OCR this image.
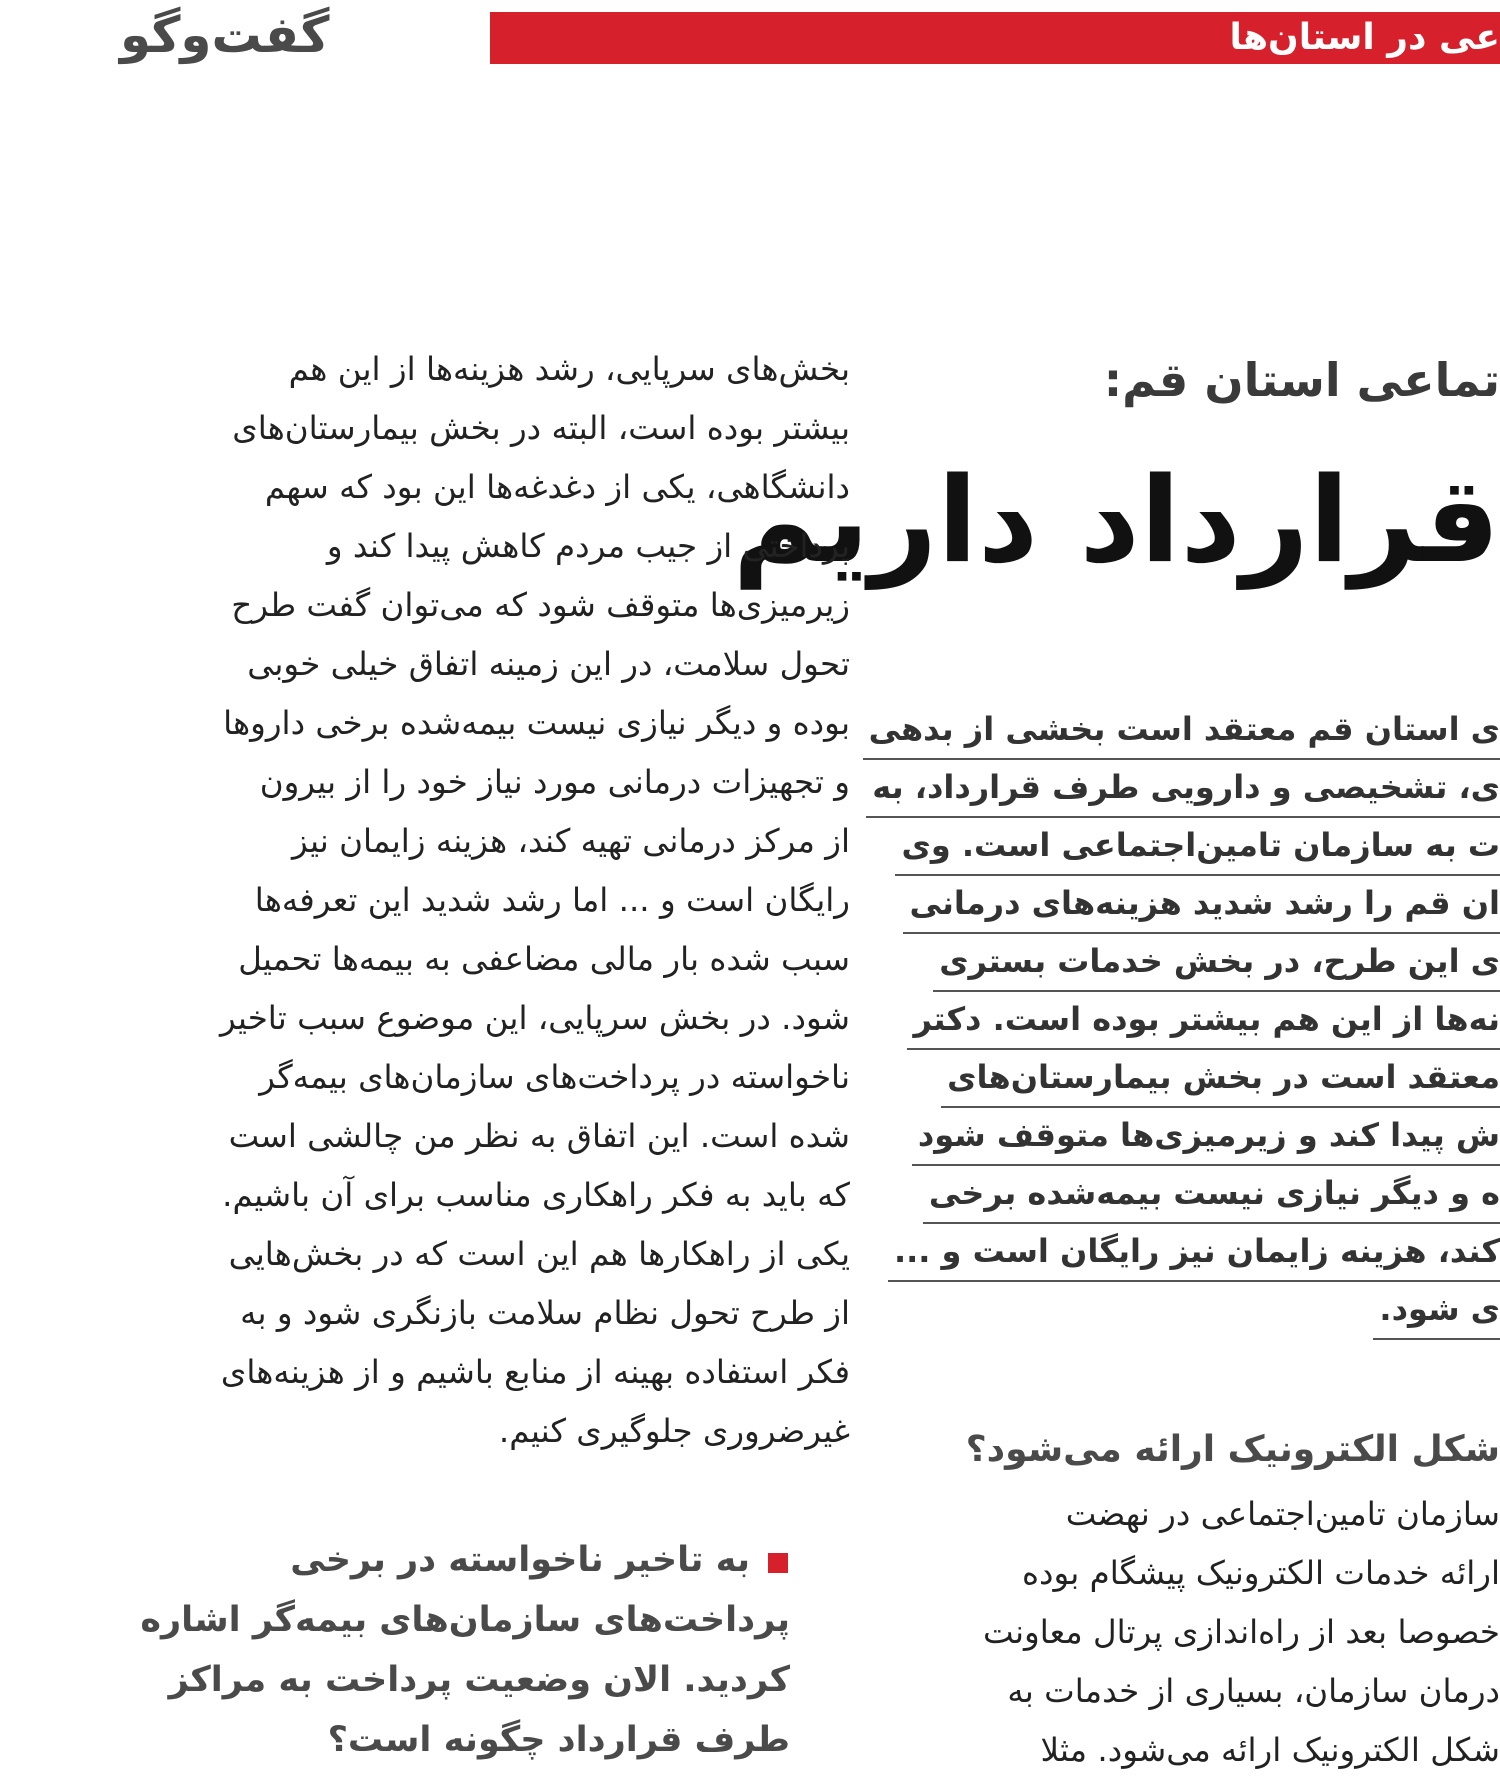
گفت‌وگو	عی در استان‌ها
تماعی استان قم:
قرارداد داریم
ی استان قم معتقد است بخشی از بدهی
ی، تشخیصی و دارویی طرف قرارداد، به
ت به سازمان تامین‌اجتماعی است. وی
ان قم را رشد شدید هزینه‌های درمانی
ی این طرح، در بخش خدمات بستری
نه‌ها از این هم بیشتر بوده است. دکتر
معتقد است در بخش بیمارستان‌های
ش پیدا کند و زیرمیزی‌ها متوقف شود
ه و دیگر نیازی نیست بیمه‌شده برخی
کند، هزینه زایمان نیز رایگان است و ...
ی شود.
بخش‌های سرپایی، رشد هزینه‌ها از این هم
بیشتر بوده است، البته در بخش بیمارستان‌های
دانشگاهی، یکی از دغدغه‌ها این بود که سهم
پرداختی از جیب مردم کاهش پیدا کند و
زیرمیزی‌ها متوقف شود که می‌توان گفت طرح
تحول سلامت، در این زمینه اتفاق خیلی خوبی
بوده و دیگر نیازی نیست بیمه‌شده برخی داروها
و تجهیزات درمانی مورد نیاز خود را از بیرون
از مرکز درمانی تهیه کند، هزینه زایمان نیز
رایگان است و ... اما رشد شدید این تعرفه‌ها
سبب شده بار مالی مضاعفی به بیمه‌ها تحمیل
شود. در بخش سرپایی، این موضوع سبب تاخیر
ناخواسته در پرداخت‌های سازمان‌های بیمه‌گر
شده است. این اتفاق به نظر من چالشی است
که باید به فکر راهکاری مناسب برای آن باشیم.
یکی از راهکارها هم این است که در بخش‌هایی
از طرح تحول نظام سلامت بازنگری شود و به
فکر استفاده بهینه از منابع باشیم و از هزینه‌های
غیرضروری جلوگیری کنیم.
به تاخیر ناخواسته در برخی
پرداخت‌های سازمان‌های بیمه‌گر اشاره
کردید. الان وضعیت پرداخت به مراکز
طرف قرارداد چگونه است؟
شکل الکترونیک ارائه می‌شود؟
سازمان تامین‌اجتماعی در نهضت
ارائه خدمات الکترونیک پیشگام بوده
خصوصا بعد از راه‌اندازی پرتال معاونت
درمان سازمان، بسیاری از خدمات به
شکل الکترونیک ارائه می‌شود. مثلا
